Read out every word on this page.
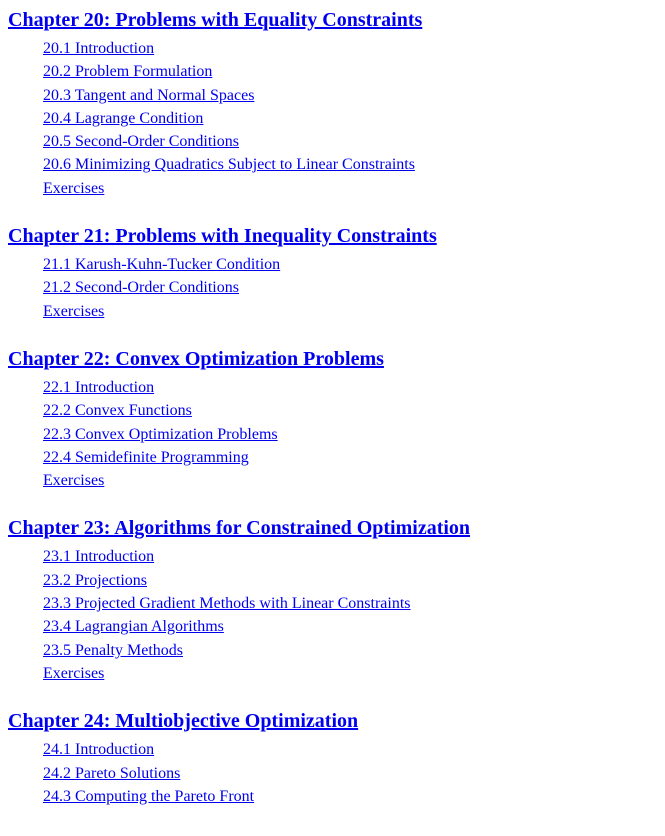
Chapter 20: Problems with Equality Constraints
20.1 Introduction
20.2 Problem Formulation
20.3 Tangent and Normal Spaces
20.4 Lagrange Condition
20.5 Second-Order Conditions
20.6 Minimizing Quadratics Subject to Linear Constraints
Exercises
Chapter 21: Problems with Inequality Constraints
21.1 Karush-Kuhn-Tucker Condition
21.2 Second-Order Conditions
Exercises
Chapter 22: Convex Optimization Problems
22.1 Introduction
22.2 Convex Functions
22.3 Convex Optimization Problems
22.4 Semidefinite Programming
Exercises
Chapter 23: Algorithms for Constrained Optimization
23.1 Introduction
23.2 Projections
23.3 Projected Gradient Methods with Linear Constraints
23.4 Lagrangian Algorithms
23.5 Penalty Methods
Exercises
Chapter 24: Multiobjective Optimization
24.1 Introduction
24.2 Pareto Solutions
24.3 Computing the Pareto Front
